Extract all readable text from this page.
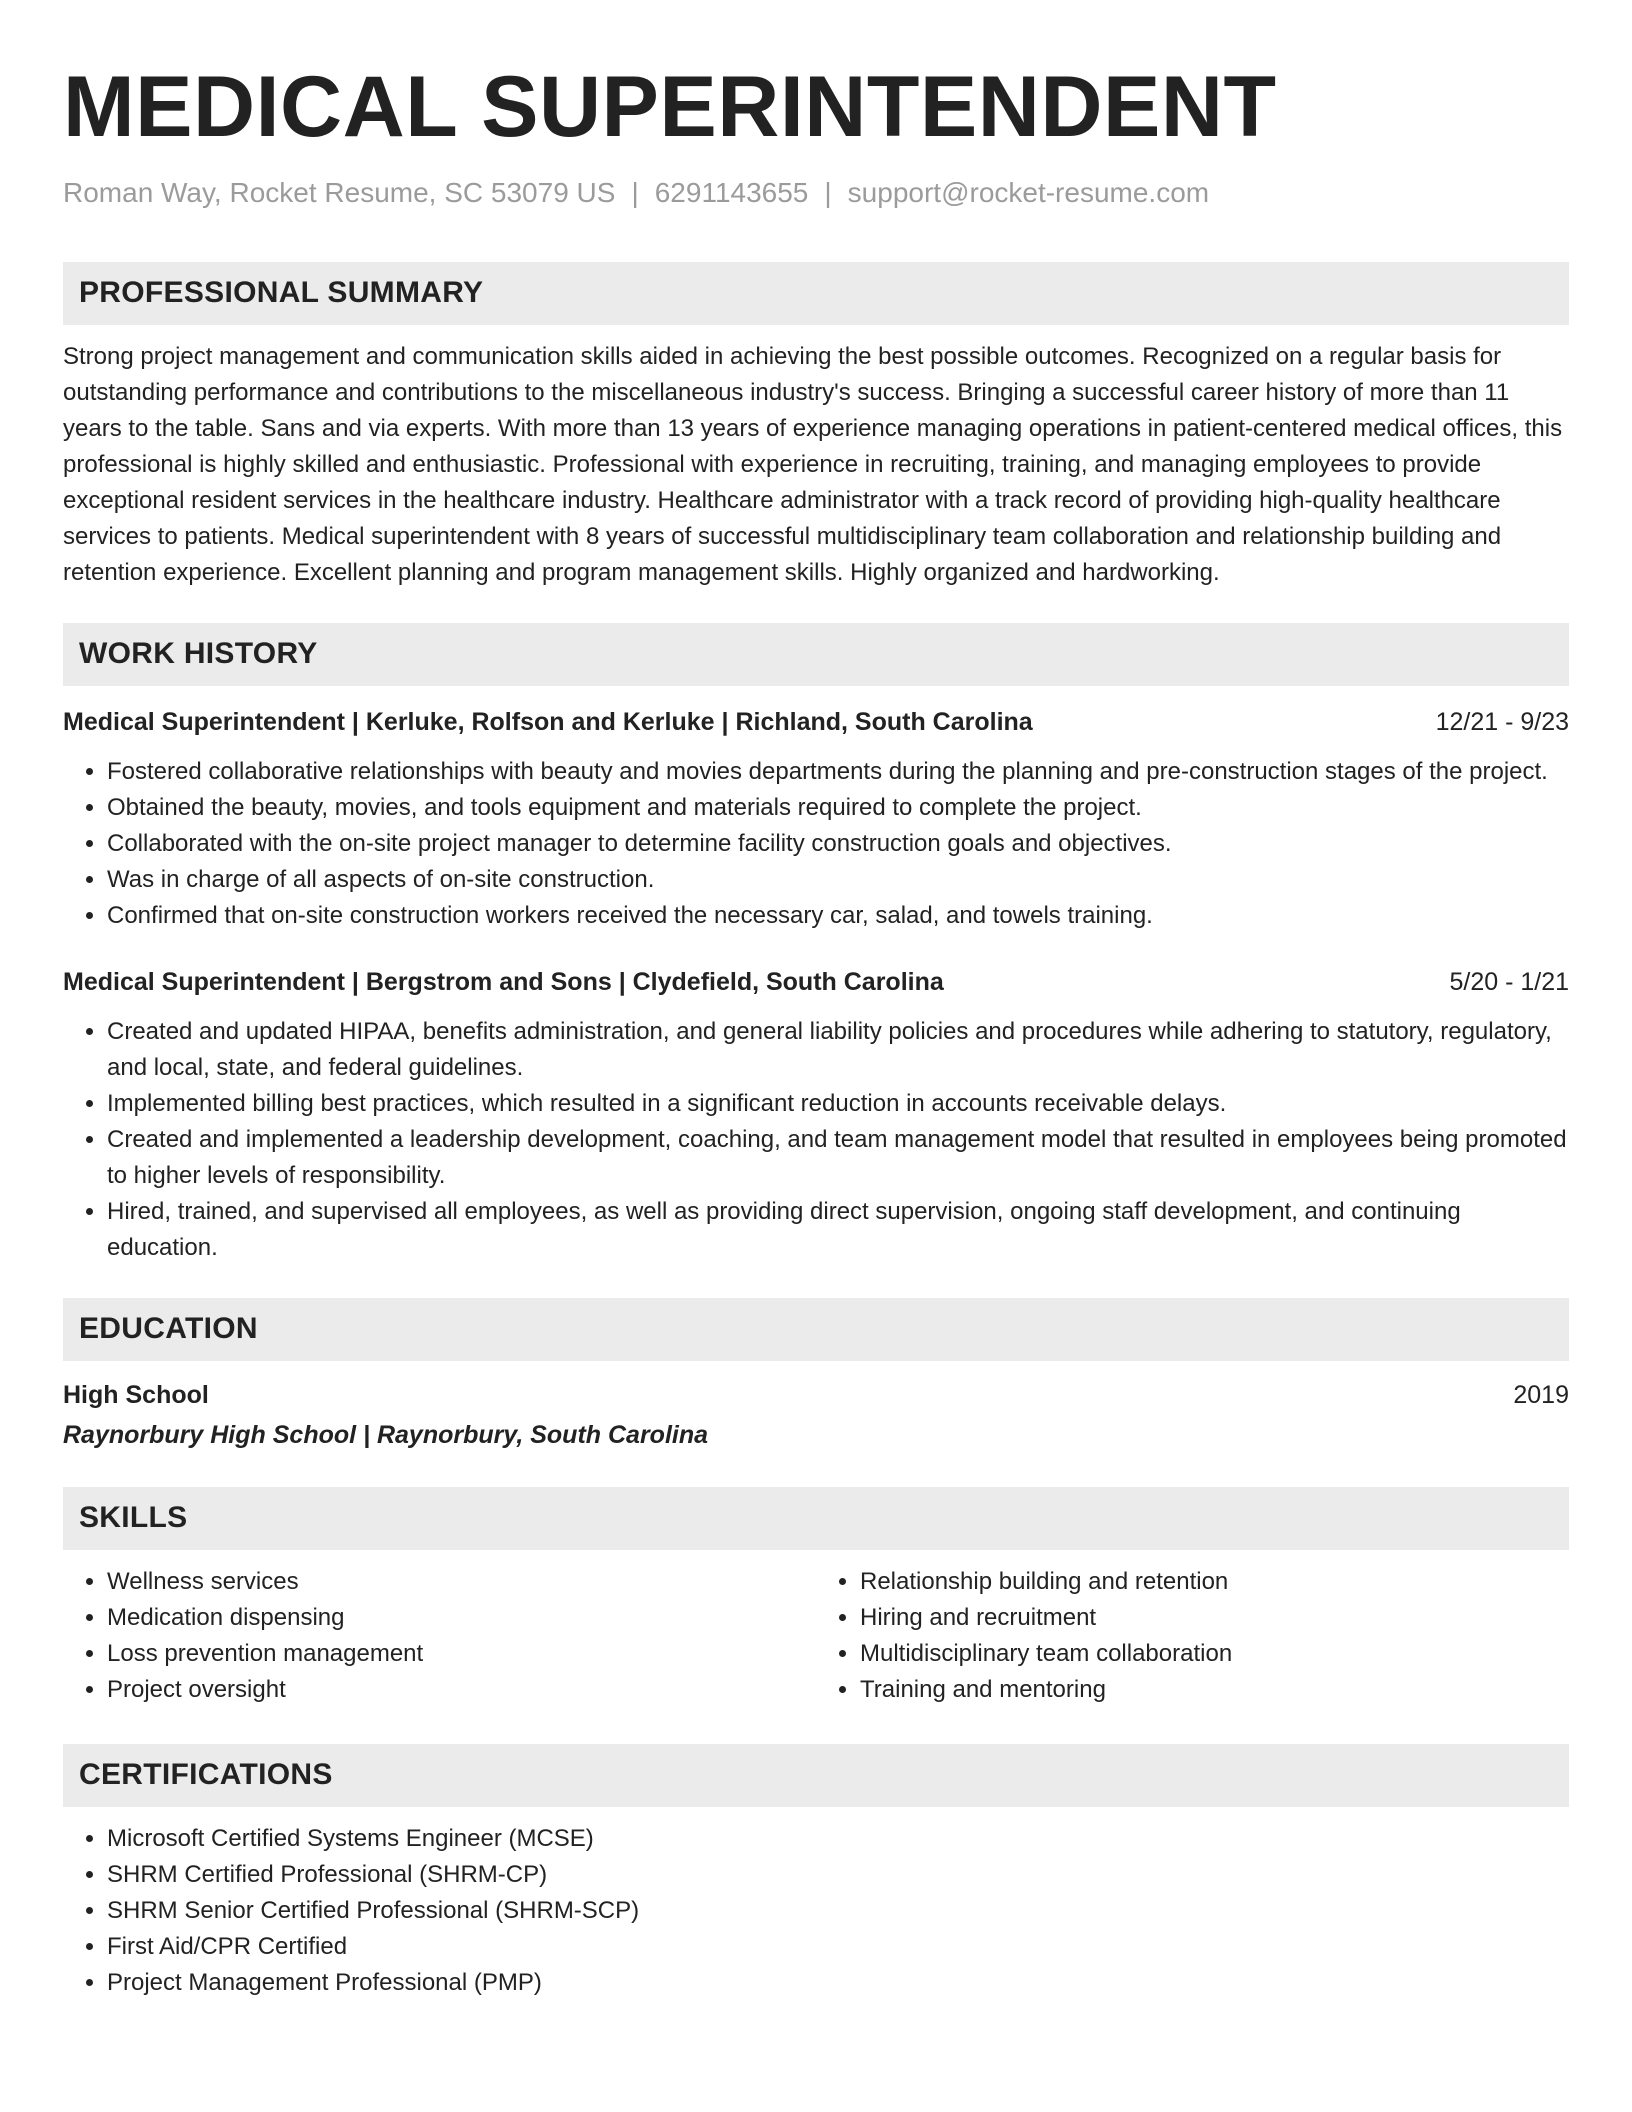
MEDICAL SUPERINTENDENT
Roman Way, Rocket Resume, SC 53079 US | 6291143655 | support@rocket-resume.com
PROFESSIONAL SUMMARY

Strong project management and communication skills aided in achieving the best possible outcomes. Recognized on a regular basis for outstanding performance and contributions to the miscellaneous industry's success. Bringing a successful career history of more than 11 years to the table. Sans and via experts. With more than 13 years of experience managing operations in patient-centered medical offices, this professional is highly skilled and enthusiastic. Professional with experience in recruiting, training, and managing employees to provide exceptional resident services in the healthcare industry. Healthcare administrator with a track record of providing high-quality healthcare services to patients. Medical superintendent with 8 years of successful multidisciplinary team collaboration and relationship building and retention experience. Excellent planning and program management skills. Highly organized and hardworking.

WORK HISTORY
Medical Superintendent | Kerluke, Rolfson and Kerluke | Richland, South Carolina	12/21 - 9/23
• Fostered collaborative relationships with beauty and movies departments during the planning and pre-construction stages of the project.
• Obtained the beauty, movies, and tools equipment and materials required to complete the project.
• Collaborated with the on-site project manager to determine facility construction goals and objectives.
• Was in charge of all aspects of on-site construction.
• Confirmed that on-site construction workers received the necessary car, salad, and towels training.
Medical Superintendent | Bergstrom and Sons | Clydefield, South Carolina	5/20 - 1/21
• Created and updated HIPAA, benefits administration, and general liability policies and procedures while adhering to statutory, regulatory, and local, state, and federal guidelines.
• Implemented billing best practices, which resulted in a significant reduction in accounts receivable delays.
• Created and implemented a leadership development, coaching, and team management model that resulted in employees being promoted to higher levels of responsibility.
• Hired, trained, and supervised all employees, as well as providing direct supervision, ongoing staff development, and continuing education.
EDUCATION
High School	2019
Raynorbury High School | Raynorbury, South Carolina
SKILLS
• Wellness services
• Medication dispensing
• Loss prevention management
• Project oversight
• Relationship building and retention
• Hiring and recruitment
• Multidisciplinary team collaboration
• Training and mentoring
CERTIFICATIONS
• Microsoft Certified Systems Engineer (MCSE)
• SHRM Certified Professional (SHRM-CP)
• SHRM Senior Certified Professional (SHRM-SCP)
• First Aid/CPR Certified
• Project Management Professional (PMP)
